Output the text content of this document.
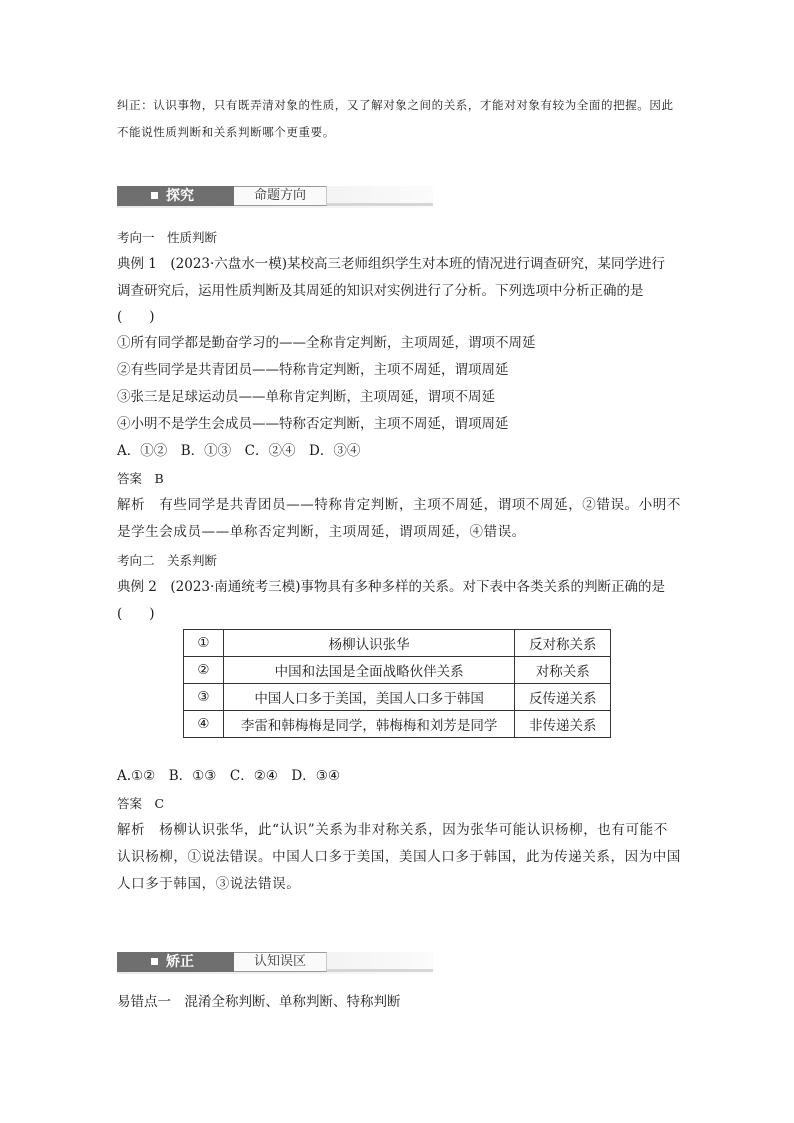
纠正：认识事物，只有既弄清对象的性质，又了解对象之间的关系，才能对对象有较为全面的把握。因此不能说性质判断和关系判断哪个更重要。

探究	命题方向

考向一　性质判断

典例 1　(2023·六盘水一模)某校高三老师组织学生对本班的情况进行调查研究，某同学进行

调查研究后，运用性质判断及其周延的知识对实例进行了分析。下列选项中分析正确的是

(　　)

①所有同学都是勤奋学习的——全称肯定判断，主项周延，谓项不周延

②有些同学是共青团员——特称肯定判断，主项不周延，谓项周延

③张三是足球运动员——单称肯定判断，主项周延，谓项不周延

④小明不是学生会成员——特称否定判断，主项不周延，谓项周延

A．①②　B．①③　C．②④　D．③④

答案　B

解析　有些同学是共青团员——特称肯定判断，主项不周延，谓项不周延，②错误。小明不

是学生会成员——单称否定判断，主项周延，谓项周延，④错误。

考向二　关系判断

典例 2　(2023·南通统考三模)事物具有多种多样的关系。对下表中各类关系的判断正确的是

(　　)

①	杨柳认识张华	反对称关系
②	中国和法国是全面战略伙伴关系	对称关系
③	中国人口多于美国，美国人口多于韩国	反传递关系
④	李雷和韩梅梅是同学，韩梅梅和刘芳是同学	非传递关系

A.①②　B．①③　C．②④　D．③④

答案　C

解析　杨柳认识张华，此“认识”关系为非对称关系，因为张华可能认识杨柳，也有可能不

认识杨柳，①说法错误。中国人口多于美国，美国人口多于韩国，此为传递关系，因为中国

人口多于韩国，③说法错误。

矫正	认知误区

易错点一　混淆全称判断、单称判断、特称判断
